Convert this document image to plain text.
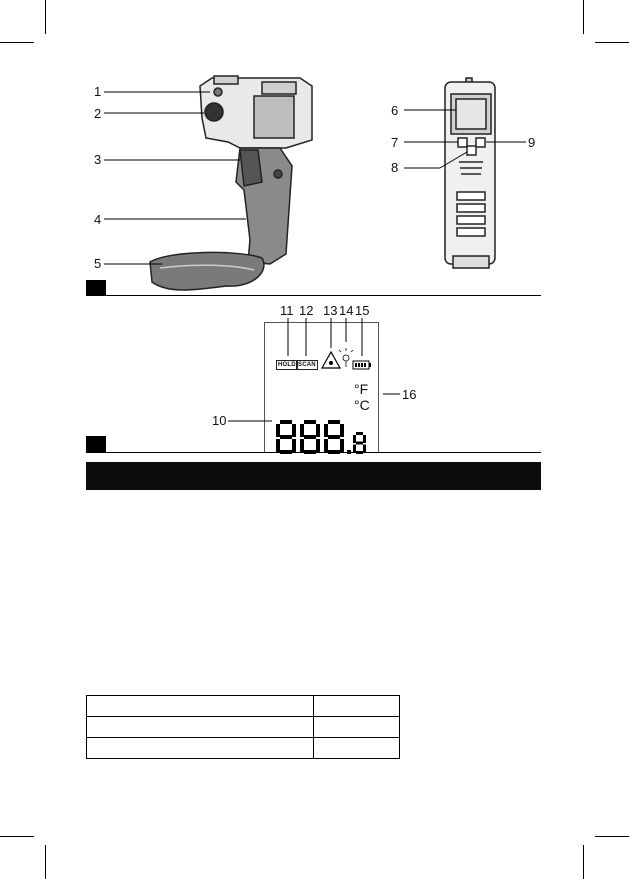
1
2
3
4
5
6
7
8
9
HOLD SCAN
11 12 13 14 15
16
10
°F
°C
